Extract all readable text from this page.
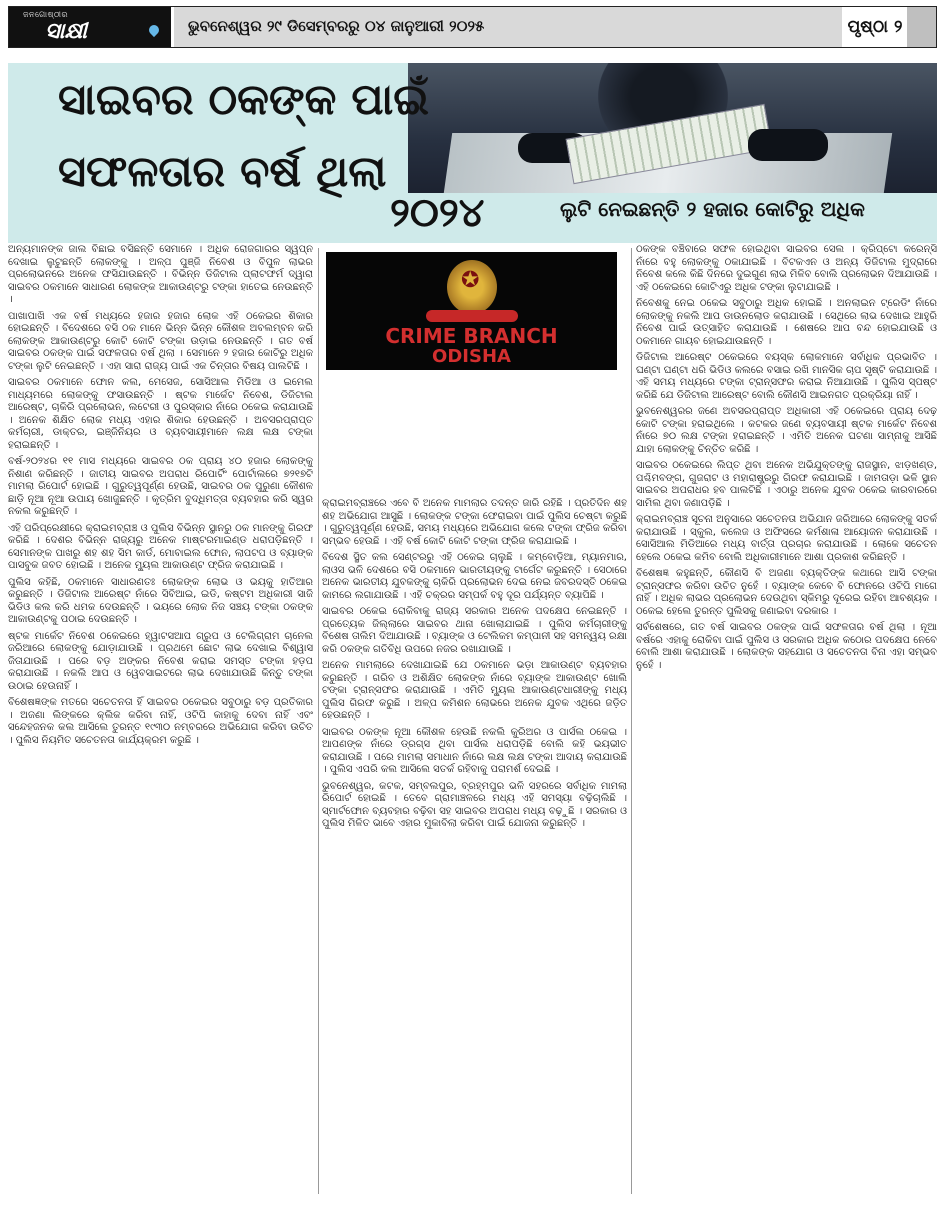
ଜନଗୋଷ୍ଠୀର
ସାକ୍ଷୀ	ଭୁବନେଶ୍ୱର ୨୯ ଡିସେମ୍ବରରୁ ୦୪ ଜାନୁଆରୀ ୨୦୨୫	ପୃଷ୍ଠା ୨
ସାଇବର ଠକଙ୍କ ପାଇଁ
ସଫଳତାର ବର୍ଷ ଥିଲା
୨୦୨୪	ଲୁଟି ନେଇଛନ୍ତି ୨ ହଜାର କୋଟିରୁ ଅଧିକ

ଅନ୍ୟମାନଙ୍କ ଜାଲ ବିଛାଇ ବସିଛନ୍ତି ସେମାନେ । ଅଧିକ ରୋଜଗାରର ସ୍ୱପ୍ନ ଦେଖାଇ ଲୁଟୁଛନ୍ତି ଲୋକଙ୍କୁ । ଅଳ୍ପ ପୁଞ୍ଜି ନିବେଶ ଓ ବିପୁଳ ଲାଭର ପ୍ରଲୋଭନରେ ଅନେକ ଫସିଯାଉଛନ୍ତି । ବିଭିନ୍ନ ଡିଜିଟାଲ ପ୍ଲାଟଫର୍ମ ଦ୍ୱାରା ସାଇବର ଠକମାନେ ସାଧାରଣ ଲୋକଙ୍କ ଆକାଉଣ୍ଟରୁ ଟଙ୍କା ହାତେଇ ନେଉଛନ୍ତି ।

ପାଖାପାଖି ଏକ ବର୍ଷ ମଧ୍ୟରେ ହଜାର ହଜାର ଲୋକ ଏହି ଠକେଇର ଶିକାର ହୋଇଛନ୍ତି । ବିଦେଶରେ ବସି ଠକ ମାନେ ଭିନ୍ନ ଭିନ୍ନ କୌଶଳ ଅବଲମ୍ବନ କରି ଲୋକଙ୍କ ଆକାଉଣ୍ଟରୁ କୋଟି କୋଟି ଟଙ୍କା ଉଡ଼ାଇ ନେଉଛନ୍ତି । ଗତ ବର୍ଷ ସାଇବର ଠକଙ୍କ ପାଇଁ ସଫଳତାର ବର୍ଷ ଥିଲା । ସେମାନେ ୨ ହଜାର କୋଟିରୁ ଅଧିକ ଟଙ୍କା ଲୁଟି ନେଇଛନ୍ତି । ଏହା ସାରା ରାଜ୍ୟ ପାଇଁ ଏକ ଚିନ୍ତାର ବିଷୟ ପାଲଟିଛି ।

ସାଇବର ଠକମାନେ ଫୋନ କଲ, ମେସେଜ, ସୋସିଆଲ ମିଡିଆ ଓ ଇମେଲ ମାଧ୍ୟମରେ ଲୋକଙ୍କୁ ଫସାଉଛନ୍ତି । ଷ୍ଟକ ମାର୍କେଟ ନିବେଶ, ଡିଜିଟାଲ ଆରେଷ୍ଟ, ଚାକିରି ପ୍ରଲୋଭନ, ଲଟେରୀ ଓ ପୁରସ୍କାର ନାଁରେ ଠକେଇ କରାଯାଉଛି । ଅନେକ ଶିକ୍ଷିତ ଲୋକ ମଧ୍ୟ ଏହାର ଶିକାର ହେଉଛନ୍ତି । ଅବସରପ୍ରାପ୍ତ କର୍ମଚାରୀ, ଡାକ୍ତର, ଇଞ୍ଜିନିୟର ଓ ବ୍ୟବସାୟୀମାନେ ଲକ୍ଷ ଲକ୍ଷ ଟଙ୍କା ହରାଇଛନ୍ତି ।

ବର୍ଷ-୨୦୨୪ର ୧୧ ମାସ ମଧ୍ୟରେ ସାଇବର ଠକ ପ୍ରାୟ ୪୦ ହଜାର ଲୋକଙ୍କୁ ନିଶାଣ କରିଛନ୍ତି । ଜାତୀୟ ସାଇବର ଅପରାଧ ରିପୋର୍ଟିଂ ପୋର୍ଟାଲରେ ୭୨୧୭ଟି ମାମଲା ରିପୋର୍ଟ ହୋଇଛି । ଗୁରୁତ୍ୱପୂର୍ଣ୍ଣ ହେଉଛି, ସାଇବର ଠକ ପୁରୁଣା କୌଶଳ ଛାଡ଼ି ନୂଆ ନୂଆ ଉପାୟ ଖୋଜୁଛନ୍ତି । କୃତ୍ରିମ ବୁଦ୍ଧିମତ୍ତା ବ୍ୟବହାର କରି ସ୍ୱର ନକଲ କରୁଛନ୍ତି ।

ଏହି ପରିପ୍ରେକ୍ଷୀରେ କ୍ରାଇମବ୍ରାଞ୍ଚ ଓ ପୁଲିସ ବିଭିନ୍ନ ସ୍ଥାନରୁ ଠକ ମାନଙ୍କୁ ଗିରଫ କରିଛି । ଦେଶର ବିଭିନ୍ନ ରାଜ୍ୟରୁ ଅନେକ ମାଷ୍ଟରମାଇଣ୍ଡ ଧରାପଡ଼ିଛନ୍ତି । ସେମାନଙ୍କ ପାଖରୁ ଶହ ଶହ ସିମ କାର୍ଡ, ମୋବାଇଲ ଫୋନ, ଲାପଟପ ଓ ବ୍ୟାଙ୍କ ପାସବୁକ ଜବତ ହୋଇଛି । ଅନେକ ମ୍ୟୁଲ ଆକାଉଣ୍ଟ ଫ୍ରିଜ କରାଯାଇଛି ।

ପୁଲିସ କହିଛି, ଠକମାନେ ସାଧାରଣତଃ ଲୋକଙ୍କ ଲୋଭ ଓ ଭୟକୁ ହାତିଆର କରୁଛନ୍ତି । ଡିଜିଟାଲ ଆରେଷ୍ଟ ନାଁରେ ସିବିଆଇ, ଇଡି, କଷ୍ଟମ ଅଧିକାରୀ ସାଜି ଭିଡିଓ କଲ କରି ଧମକ ଦେଉଛନ୍ତି । ଭୟରେ ଲୋକ ନିଜ ସଞ୍ଚୟ ଟଙ୍କା ଠକଙ୍କ ଆକାଉଣ୍ଟକୁ ପଠାଇ ଦେଉଛନ୍ତି ।

ଷ୍ଟକ ମାର୍କେଟ ନିବେଶ ଠକେଇରେ ହ୍ୱାଟସଆପ ଗ୍ରୁପ ଓ ଟେଲିଗ୍ରାମ ଚାନେଲ ଜରିଆରେ ଲୋକଙ୍କୁ ଯୋଡ଼ାଯାଉଛି । ପ୍ରଥମେ ଛୋଟ ଲାଭ ଦେଖାଇ ବିଶ୍ୱାସ ଜିତାଯାଉଛି । ପରେ ବଡ଼ ଅଙ୍କର ନିବେଶ କରାଇ ସମସ୍ତ ଟଙ୍କା ହଡ଼ପ କରାଯାଉଛି । ନକଲି ଆପ ଓ ୱେବସାଇଟରେ ଲାଭ ଦେଖାଯାଉଛି କିନ୍ତୁ ଟଙ୍କା ଉଠାଇ ହେଉନାହିଁ ।

ବିଶେଷଜ୍ଞଙ୍କ ମତରେ ସଚେତନତା ହିଁ ସାଇବର ଠକେଇର ସବୁଠାରୁ ବଡ଼ ପ୍ରତିକାର । ଅଜଣା ଲିଙ୍କରେ କ୍ଲିକ କରିବା ନାହିଁ, ଓଟିପି କାହାକୁ ଦେବା ନାହିଁ ଏବଂ ସନ୍ଦେହଜନକ କଲ ଆସିଲେ ତୁରନ୍ତ ୧୯୩୦ ନମ୍ବରରେ ଅଭିଯୋଗ କରିବା ଉଚିତ । ପୁଲିସ ନିୟମିତ ସଚେତନତା କାର୍ଯ୍ୟକ୍ରମ କରୁଛି ।

✪
CRIME BRANCH
ODISHA

କ୍ରାଇମବ୍ରାଞ୍ଚରେ ଏବେ ବି ଅନେକ ମାମଲାର ତଦନ୍ତ ଜାରି ରହିଛି । ପ୍ରତିଦିନ ଶହ ଶହ ଅଭିଯୋଗ ଆସୁଛି । ଲୋକଙ୍କ ଟଙ୍କା ଫେରାଇବା ପାଇଁ ପୁଲିସ ଚେଷ୍ଟା କରୁଛି । ଗୁରୁତ୍ୱପୂର୍ଣ୍ଣ ହେଉଛି, ସମୟ ମଧ୍ୟରେ ଅଭିଯୋଗ କଲେ ଟଙ୍କା ଫ୍ରିଜ କରିବା ସମ୍ଭବ ହେଉଛି । ଏହି ବର୍ଷ କୋଟି କୋଟି ଟଙ୍କା ଫ୍ରିଜ କରାଯାଇଛି ।

ବିଦେଶ ସ୍ଥିତ କଲ ସେଣ୍ଟରରୁ ଏହି ଠକେଇ ଚାଲୁଛି । କମ୍ବୋଡ଼ିଆ, ମ୍ୟାନମାର, ଲାଓସ ଭଳି ଦେଶରେ ବସି ଠକମାନେ ଭାରତୀୟଙ୍କୁ ଟାର୍ଗେଟ କରୁଛନ୍ତି । ସେଠାରେ ଅନେକ ଭାରତୀୟ ଯୁବକଙ୍କୁ ଚାକିରି ପ୍ରଲୋଭନ ଦେଇ ନେଇ ଜବରଦସ୍ତି ଠକେଇ କାମରେ ଲଗାଯାଉଛି । ଏହି ଚକ୍ରର ସମ୍ପର୍କ ବହୁ ଦୂର ପର୍ଯ୍ୟନ୍ତ ବ୍ୟାପିଛି ।

ସାଇବର ଠକେଇ ରୋକିବାକୁ ରାଜ୍ୟ ସରକାର ଅନେକ ପଦକ୍ଷେପ ନେଇଛନ୍ତି । ପ୍ରତ୍ୟେକ ଜିଲ୍ଲାରେ ସାଇବର ଥାନା ଖୋଲାଯାଇଛି । ପୁଲିସ କର୍ମଚାରୀଙ୍କୁ ବିଶେଷ ତାଲିମ ଦିଆଯାଉଛି । ବ୍ୟାଙ୍କ ଓ ଟେଲିକମ କମ୍ପାନୀ ସହ ସମନ୍ୱୟ ରକ୍ଷା କରି ଠକଙ୍କ ଗତିବିଧି ଉପରେ ନଜର ରଖାଯାଉଛି ।

ଅନେକ ମାମଲାରେ ଦେଖାଯାଇଛି ଯେ ଠକମାନେ ଭଡ଼ା ଆକାଉଣ୍ଟ ବ୍ୟବହାର କରୁଛନ୍ତି । ଗରିବ ଓ ଅଶିକ୍ଷିତ ଲୋକଙ୍କ ନାଁରେ ବ୍ୟାଙ୍କ ଆକାଉଣ୍ଟ ଖୋଲି ଟଙ୍କା ଟ୍ରାନ୍ସଫର କରାଯାଉଛି । ଏମିତି ମ୍ୟୁଲ ଆକାଉଣ୍ଟଧାରୀଙ୍କୁ ମଧ୍ୟ ପୁଲିସ ଗିରଫ କରୁଛି । ଅଳ୍ପ କମିଶନ ଲୋଭରେ ଅନେକ ଯୁବକ ଏଥିରେ ଜଡ଼ିତ ହେଉଛନ୍ତି ।

ସାଇବର ଠକଙ୍କ ନୂଆ କୌଶଳ ହେଉଛି ନକଲି କୁରିଅର ଓ ପାର୍ସଲ ଠକେଇ । ଆପଣଙ୍କ ନାଁରେ ଡ୍ରଗ୍ସ ଥିବା ପାର୍ସଲ ଧରାପଡ଼ିଛି ବୋଲି କହି ଭୟଭୀତ କରାଯାଉଛି । ପରେ ମାମଲା ସମାଧାନ ନାଁରେ ଲକ୍ଷ ଲକ୍ଷ ଟଙ୍କା ଆଦାୟ କରାଯାଉଛି । ପୁଲିସ ଏପରି କଲ ଆସିଲେ ସତର୍କ ରହିବାକୁ ପରାମର୍ଶ ଦେଇଛି ।

ଭୁବନେଶ୍ୱର, କଟକ, ସମ୍ବଲପୁର, ବ୍ରହ୍ମପୁର ଭଳି ସହରରେ ସର୍ବାଧିକ ମାମଲା ରିପୋର୍ଟ ହୋଇଛି । ତେବେ ଗ୍ରାମାଞ୍ଚଳରେ ମଧ୍ୟ ଏହି ସମସ୍ୟା ବଢ଼ିଚାଲିଛି । ସ୍ମାର୍ଟଫୋନ ବ୍ୟବହାର ବଢ଼ିବା ସହ ସାଇବର ଅପରାଧ ମଧ୍ୟ ବଢ଼ୁଛି । ସରକାର ଓ ପୁଲିସ ମିଳିତ ଭାବେ ଏହାର ମୁକାବିଲା କରିବା ପାଇଁ ଯୋଜନା କରୁଛନ୍ତି ।

ଠକଙ୍କ ବଞ୍ଚିବାରେ ସଫଳ ହୋଇଥିବା ସାଇବର ସେଲ । କ୍ରିପ୍ଟୋ କରେନ୍ସି ନାଁରେ ବହୁ ଲୋକଙ୍କୁ ଠକାଯାଇଛି । ବିଟକଏନ ଓ ଅନ୍ୟ ଡିଜିଟାଲ ମୁଦ୍ରାରେ ନିବେଶ କଲେ କିଛି ଦିନରେ ଦୁଇଗୁଣ ଲାଭ ମିଳିବ ବୋଲି ପ୍ରଲୋଭନ ଦିଆଯାଉଛି । ଏହି ଠକେଇରେ କୋଟିଏରୁ ଅଧିକ ଟଙ୍କା ଲୁଟାଯାଇଛି ।

ନିବେଶକୁ ନେଇ ଠକେଇ ସବୁଠାରୁ ଅଧିକ ହୋଇଛି । ଅନଲାଇନ ଟ୍ରେଡିଂ ନାଁରେ ଲୋକଙ୍କୁ ନକଲି ଆପ ଡାଉନଲୋଡ କରାଯାଉଛି । ସେଥିରେ ଲାଭ ଦେଖାଇ ଆହୁରି ନିବେଶ ପାଇଁ ଉତ୍ସାହିତ କରାଯାଉଛି । ଶେଷରେ ଆପ ବନ୍ଦ ହୋଇଯାଉଛି ଓ ଠକମାନେ ଗାୟବ ହୋଇଯାଉଛନ୍ତି ।

ଡିଜିଟାଲ ଆରେଷ୍ଟ ଠକେଇରେ ବୟସ୍କ ଲୋକମାନେ ସର୍ବାଧିକ ପ୍ରଭାବିତ । ଘଣ୍ଟା ଘଣ୍ଟା ଧରି ଭିଡିଓ କଲରେ ବସାଇ ରଖି ମାନସିକ ଚାପ ସୃଷ୍ଟି କରାଯାଉଛି । ଏହି ସମୟ ମଧ୍ୟରେ ଟଙ୍କା ଟ୍ରାନ୍ସଫର କରାଇ ନିଆଯାଉଛି । ପୁଲିସ ସ୍ପଷ୍ଟ କରିଛି ଯେ ଡିଜିଟାଲ ଆରେଷ୍ଟ ବୋଲି କୌଣସି ଆଇନଗତ ପ୍ରକ୍ରିୟା ନାହିଁ ।

ଭୁବନେଶ୍ୱରର ଜଣେ ଅବସରପ୍ରାପ୍ତ ଅଧିକାରୀ ଏହି ଠକେଇରେ ପ୍ରାୟ ଦେଢ଼ କୋଟି ଟଙ୍କା ହରାଇଥିଲେ । କଟକର ଜଣେ ବ୍ୟବସାୟୀ ଷ୍ଟକ ମାର୍କେଟ ନିବେଶ ନାଁରେ ୭୦ ଲକ୍ଷ ଟଙ୍କା ହରାଇଛନ୍ତି । ଏମିତି ଅନେକ ଘଟଣା ସାମ୍ନାକୁ ଆସିଛି ଯାହା ଲୋକଙ୍କୁ ଚିନ୍ତିତ କରିଛି ।

ସାଇବର ଠକେଇରେ ଲିପ୍ତ ଥିବା ଅନେକ ଅଭିଯୁକ୍ତଙ୍କୁ ରାଜସ୍ଥାନ, ଝାଡ଼ଖଣ୍ଡ, ପଶ୍ଚିମବଙ୍ଗ, ଗୁଜରାଟ ଓ ମହାରାଷ୍ଟ୍ରରୁ ଗିରଫ କରାଯାଇଛି । ଜାମତାଡ଼ା ଭଳି ସ୍ଥାନ ସାଇବର ଅପରାଧର ହବ ପାଲଟିଛି । ଏଠାରୁ ଅନେକ ଯୁବକ ଠକେଇ କାରବାରରେ ସାମିଲ ଥିବା ଜଣାପଡ଼ିଛି ।

କ୍ରାଇମବ୍ରାଞ୍ଚ ସୂଚନା ଅନୁସାରେ ସଚେତନତା ଅଭିଯାନ ଜରିଆରେ ଲୋକଙ୍କୁ ସତର୍କ କରାଯାଉଛି । ସ୍କୁଲ, କଲେଜ ଓ ଅଫିସରେ କର୍ମଶାଳା ଆୟୋଜନ କରାଯାଉଛି । ସୋସିଆଲ ମିଡିଆରେ ମଧ୍ୟ ବାର୍ତ୍ତା ପ୍ରଚାର କରାଯାଉଛି । ଲୋକେ ସଚେତନ ହେଲେ ଠକେଇ କମିବ ବୋଲି ଅଧିକାରୀମାନେ ଆଶା ପ୍ରକାଶ କରିଛନ୍ତି ।

ବିଶେଷଜ୍ଞ କହୁଛନ୍ତି, କୌଣସି ବି ଅଜଣା ବ୍ୟକ୍ତିଙ୍କ କଥାରେ ଆସି ଟଙ୍କା ଟ୍ରାନ୍ସଫର କରିବା ଉଚିତ ନୁହେଁ । ବ୍ୟାଙ୍କ କେବେ ବି ଫୋନରେ ଓଟିପି ମାଗେ ନାହିଁ । ଅଧିକ ଲାଭର ପ୍ରଲୋଭନ ଦେଉଥିବା ସ୍କିମରୁ ଦୂରେଇ ରହିବା ଆବଶ୍ୟକ । ଠକେଇ ହେଲେ ତୁରନ୍ତ ପୁଲିସକୁ ଜଣାଇବା ଦରକାର ।

ସର୍ବଶେଷରେ, ଗତ ବର୍ଷ ସାଇବର ଠକଙ୍କ ପାଇଁ ସଫଳତାର ବର୍ଷ ଥିଲା । ନୂଆ ବର୍ଷରେ ଏହାକୁ ରୋକିବା ପାଇଁ ପୁଲିସ ଓ ସରକାର ଅଧିକ କଠୋର ପଦକ୍ଷେପ ନେବେ ବୋଲି ଆଶା କରାଯାଉଛି । ଲୋକଙ୍କ ସହଯୋଗ ଓ ସଚେତନତା ବିନା ଏହା ସମ୍ଭବ ନୁହେଁ ।
